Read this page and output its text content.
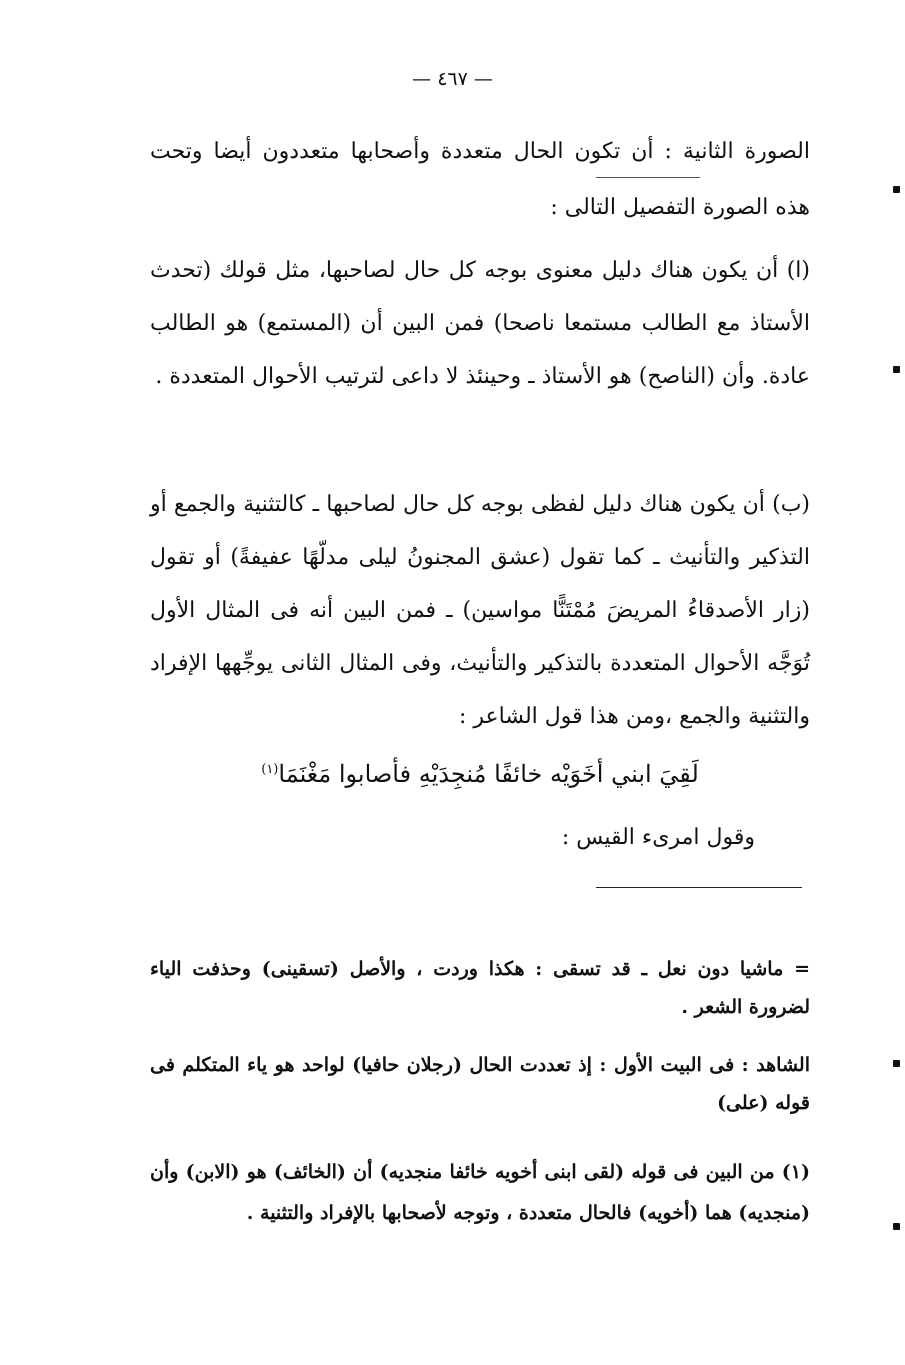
— ٤٦٧ —

الصورة الثانية : أن تكون الحال متعددة وأصحابها متعددون أيضا وتحت هذه الصورة التفصيل التالى :

(ا) أن يكون هناك دليل معنوى بوجه كل حال لصاحبها، مثل قولك (تحدث الأستاذ مع الطالب مستمعا ناصحا) فمن البين أن (المستمع) هو الطالب عادة. وأن (الناصح) هو الأستاذ ـ وحينئذ لا داعى لترتيب الأحوال المتعددة .

(ب) أن يكون هناك دليل لفظى بوجه كل حال لصاحبها ـ كالتثنية والجمع أو التذكير والتأنيث ـ كما تقول (عشق المجنونُ ليلى مدلّهًا عفيفةً) أو تقول (زار الأصدقاءُ المريضَ مُمْتَنًّا مواسين) ـ فمن البين أنه فى المثال الأول تُوَجَّه الأحوال المتعددة بالتذكير والتأنيث، وفى المثال الثانى يوجِّهها الإفراد والتثنية والجمع ،ومن هذا قول الشاعر :

لَقِيَ ابني أخَوَيْه خائفًا مُنجِدَيْهِ فأصابوا مَغْنَمَا$^{(١)}$
وقول امرىء القيس :

= ماشيا دون نعل ـ قد تسقى : هكذا وردت ، والأصل (تسقينى) وحذفت الياء لضرورة الشعر .

الشاهد : فى البيت الأول : إذ تعددت الحال (رجلان حافيا) لواحد هو ياء المتكلم فى قوله (على)

(١) من البين فى قوله (لقى ابنى أخويه خائفا منجديه) أن (الخائف) هو (الابن) وأن (منجديه) هما (أخويه) فالحال متعددة ، وتوجه لأصحابها بالإفراد والتثنية .
